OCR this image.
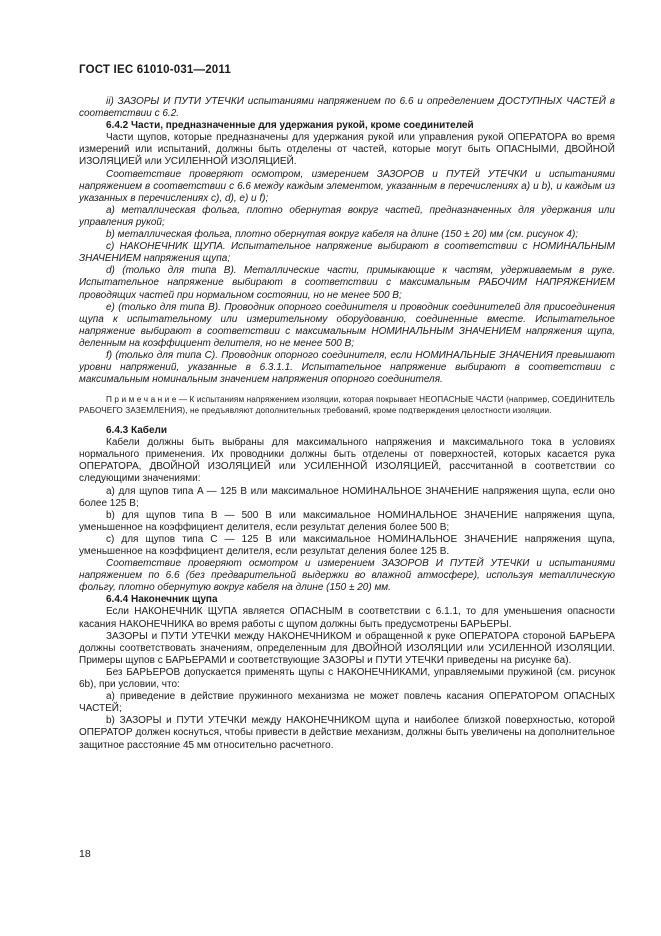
ГОСТ IEC 61010-031—2011

ii) ЗАЗОРЫ И ПУТИ УТЕЧКИ испытаниями напряжением по 6.6 и определением ДОСТУПНЫХ ЧАСТЕЙ в соответствии с 6.2.

6.4.2 Части, предназначенные для удержания рукой, кроме соединителей

Части щупов, которые предназначены для удержания рукой или управления рукой ОПЕРАТОРА во время измерений или испытаний, должны быть отделены от частей, которые могут быть ОПАСНЫМИ, ДВОЙНОЙ ИЗОЛЯЦИЕЙ или УСИЛЕННОЙ ИЗОЛЯЦИЕЙ.

Соответствие проверяют осмотром, измерением ЗАЗОРОВ и ПУТЕЙ УТЕЧКИ и испытаниями напряжением в соответствии с 6.6 между каждым элементом, указанным в перечислениях a) и b), и каждым из указанных в перечислениях c), d), e) и f);

a) металлическая фольга, плотно обернутая вокруг частей, предназначенных для удержания или управления рукой;

b) металлическая фольга, плотно обернутая вокруг кабеля на длине (150 ± 20) мм (см. рисунок 4);

c) НАКОНЕЧНИК ЩУПА. Испытательное напряжение выбирают в соответствии с НОМИНАЛЬНЫМ ЗНАЧЕНИЕМ напряжения щупа;

d) (только для типа B). Металлические части, примыкающие к частям, удерживаемым в руке. Испытательное напряжение выбирают в соответствии с максимальным РАБОЧИМ НАПРЯЖЕНИЕМ проводящих частей при нормальном состоянии, но не менее 500 В;

e) (только для типа B). Проводник опорного соединителя и проводник соединителей для присоединения щупа к испытательному или измерительному оборудованию, соединенные вместе. Испытательное напряжение выбирают в соответствии с максимальным НОМИНАЛЬНЫМ ЗНАЧЕНИЕМ напряжения щупа, деленным на коэффициент делителя, но не менее 500 В;

f) (только для типа C). Проводник опорного соединителя, если НОМИНАЛЬНЫЕ ЗНАЧЕНИЯ превышают уровни напряжений, указанные в 6.3.1.1. Испытательное напряжение выбирают в соответствии с максимальным номинальным значением напряжения опорного соединителя.

П р и м е ч а н и е — К испытаниям напряжением изоляции, которая покрывает НЕОПАСНЫЕ ЧАСТИ (например, СОЕДИНИТЕЛЬ РАБОЧЕГО ЗАЗЕМЛЕНИЯ), не предъявляют дополнительных требований, кроме подтверждения целостности изоляции.

6.4.3 Кабели

Кабели должны быть выбраны для максимального напряжения и максимального тока в условиях нормального применения. Их проводники должны быть отделены от поверхностей, которых касается рука ОПЕРАТОРА, ДВОЙНОЙ ИЗОЛЯЦИЕЙ или УСИЛЕННОЙ ИЗОЛЯЦИЕЙ, рассчитанной в соответствии со следующими значениями:

a) для щупов типа A — 125 В или максимальное НОМИНАЛЬНОЕ ЗНАЧЕНИЕ напряжения щупа, если оно более 125 В;

b) для щупов типа B — 500 В или максимальное НОМИНАЛЬНОЕ ЗНАЧЕНИЕ напряжения щупа, уменьшенное на коэффициент делителя, если результат деления более 500 В;

c) для щупов типа C — 125 В или максимальное НОМИНАЛЬНОЕ ЗНАЧЕНИЕ напряжения щупа, уменьшенное на коэффициент делителя, если результат деления более 125 В.

Соответствие проверяют осмотром и измерением ЗАЗОРОВ И ПУТЕЙ УТЕЧКИ и испытаниями напряжением по 6.6 (без предварительной выдержки во влажной атмосфере), используя металлическую фольгу, плотно обернутую вокруг кабеля на длине (150 ± 20) мм.

6.4.4 Наконечник щупа

Если НАКОНЕЧНИК ЩУПА является ОПАСНЫМ в соответствии с 6.1.1, то для уменьшения опасности касания НАКОНЕЧНИКА во время работы с щупом должны быть предусмотрены БАРЬЕРЫ.

ЗАЗОРЫ и ПУТИ УТЕЧКИ между НАКОНЕЧНИКОМ и обращенной к руке ОПЕРАТОРА стороной БАРЬЕРА должны соответствовать значениям, определенным для ДВОЙНОЙ ИЗОЛЯЦИИ или УСИЛЕННОЙ ИЗОЛЯЦИИ. Примеры щупов с БАРЬЕРАМИ и соответствующие ЗАЗОРЫ и ПУТИ УТЕЧКИ приведены на рисунке 6a).

Без БАРЬЕРОВ допускается применять щупы с НАКОНЕЧНИКАМИ, управляемыми пружиной (см. рисунок 6b), при условии, что:

a) приведение в действие пружинного механизма не может повлечь касания ОПЕРАТОРОМ ОПАСНЫХ ЧАСТЕЙ;

b) ЗАЗОРЫ и ПУТИ УТЕЧКИ между НАКОНЕЧНИКОМ щупа и наиболее близкой поверхностью, которой ОПЕРАТОР должен коснуться, чтобы привести в действие механизм, должны быть увеличены на дополнительное защитное расстояние 45 мм относительно расчетного.

18
